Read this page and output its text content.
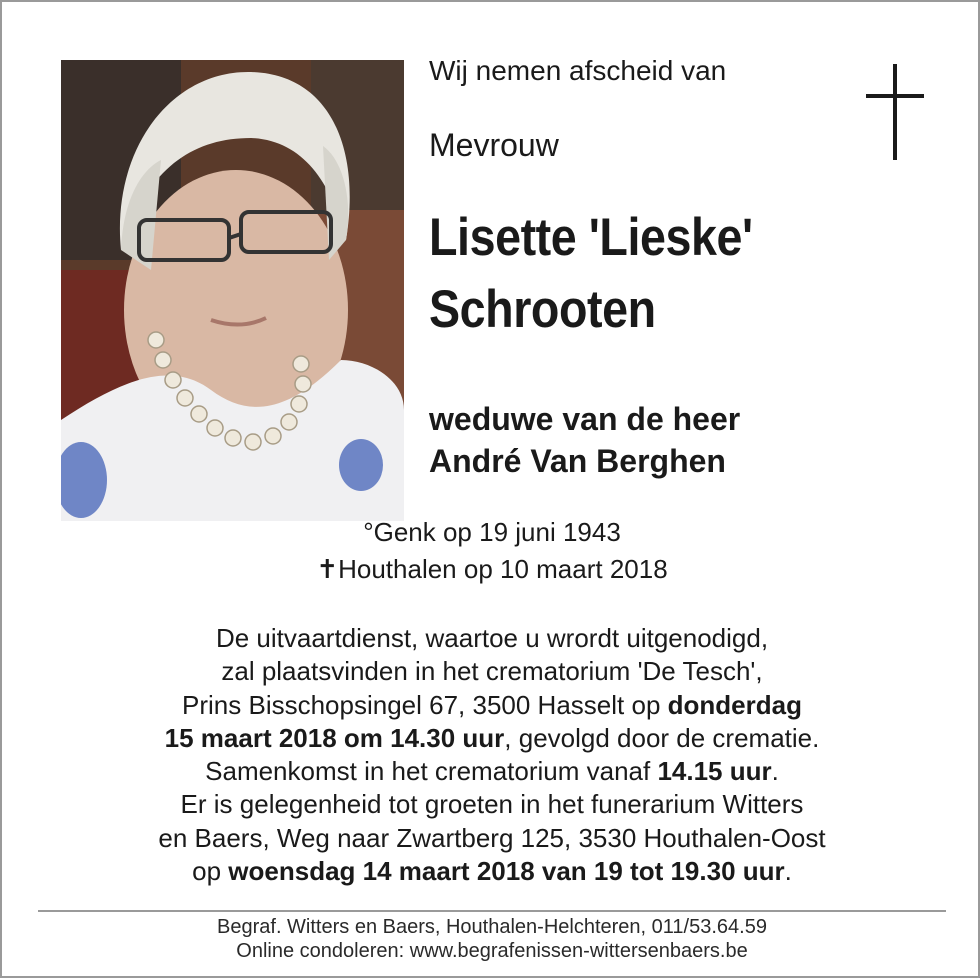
Wij nemen afscheid van
Mevrouw
Lisette 'Lieske'
Schrooten
weduwe van de heer
André Van Berghen
°Genk op 19 juni 1943
✝Houthalen op 10 maart 2018
De uitvaartdienst, waartoe u wrordt uitgenodigd,
zal plaatsvinden in het crematorium 'De Tesch',
Prins Bisschopsingel 67, 3500 Hasselt op donderdag
15 maart 2018 om 14.30 uur, gevolgd door de crematie.
Samenkomst in het crematorium vanaf 14.15 uur.
Er is gelegenheid tot groeten in het funerarium Witters
en Baers, Weg naar Zwartberg 125, 3530 Houthalen-Oost
op woensdag 14 maart 2018 van 19 tot 19.30 uur.
Begraf. Witters en Baers, Houthalen-Helchteren, 011/53.64.59
Online condoleren: www.begrafenissen-wittersenbaers.be
